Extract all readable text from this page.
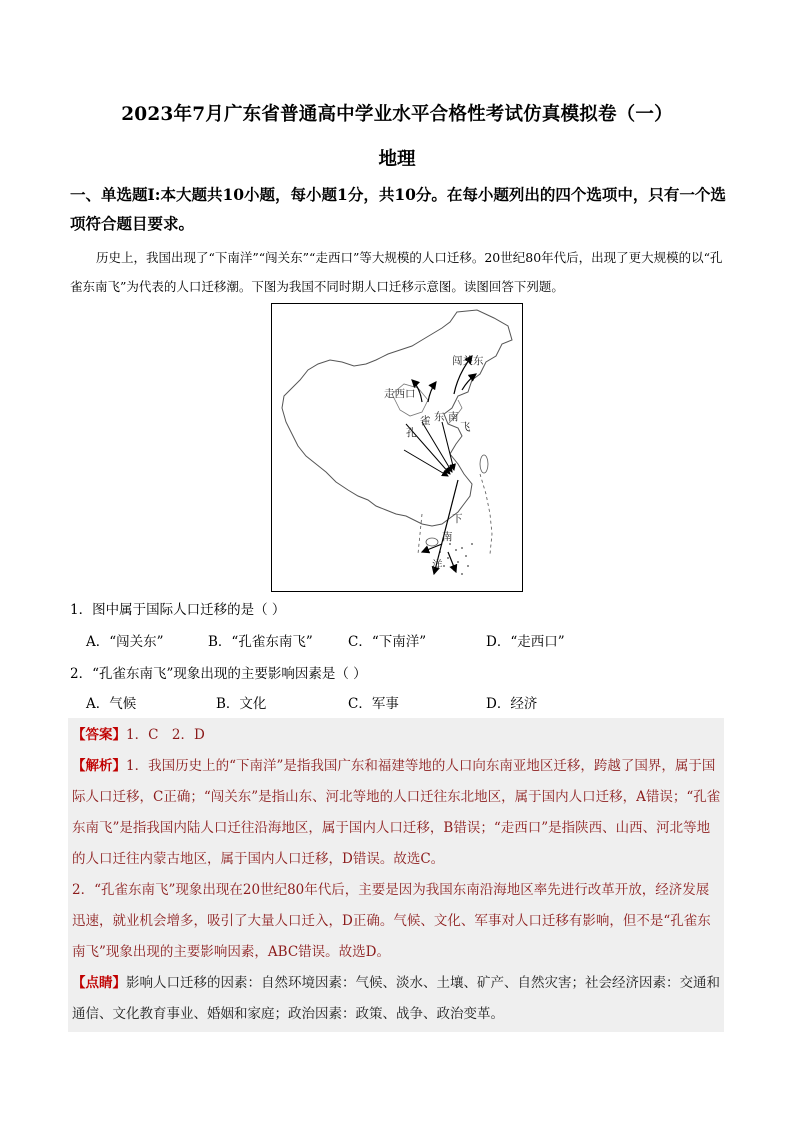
2023年7月广东省普通高中学业水平合格性考试仿真模拟卷（一）
地理
一、单选题I:本大题共10小题，每小题1分，共10分。在每小题列出的四个选项中，只有一个选项符合题目要求。
历史上，我国出现了“下南洋”“闯关东”“走西口”等大规模的人口迁移。20世纪80年代后，出现了更大规模的以“孔雀东南飞”为代表的人口迁移潮。下图为我国不同时期人口迁移示意图。读图回答下列题。
闯关东
走西口
孔
雀 东 南
飞
下
南
洋
1．图中属于国际人口迁移的是（ ）
A．“闯关东”	B．“孔雀东南飞”	C．“下南洋”	D．“走西口”
2．“孔雀东南飞”现象出现的主要影响因素是（ ）
A．气候	B．文化	C．军事	D．经济
【答案】1．C　2．D
【解析】1．我国历史上的“下南洋”是指我国广东和福建等地的人口向东南亚地区迁移，跨越了国界，属于国际人口迁移，C正确；“闯关东”是指山东、河北等地的人口迁往东北地区，属于国内人口迁移，A错误；“孔雀东南飞”是指我国内陆人口迁往沿海地区，属于国内人口迁移，B错误；“走西口”是指陕西、山西、河北等地的人口迁往内蒙古地区，属于国内人口迁移，D错误。故选C。
2．“孔雀东南飞”现象出现在20世纪80年代后，主要是因为我国东南沿海地区率先进行改革开放，经济发展迅速，就业机会增多，吸引了大量人口迁入，D正确。气候、文化、军事对人口迁移有影响，但不是“孔雀东南飞”现象出现的主要影响因素，ABC错误。故选D。
【点睛】影响人口迁移的因素：自然环境因素：气候、淡水、土壤、矿产、自然灾害；社会经济因素：交通和通信、文化教育事业、婚姻和家庭；政治因素：政策、战争、政治变革。
